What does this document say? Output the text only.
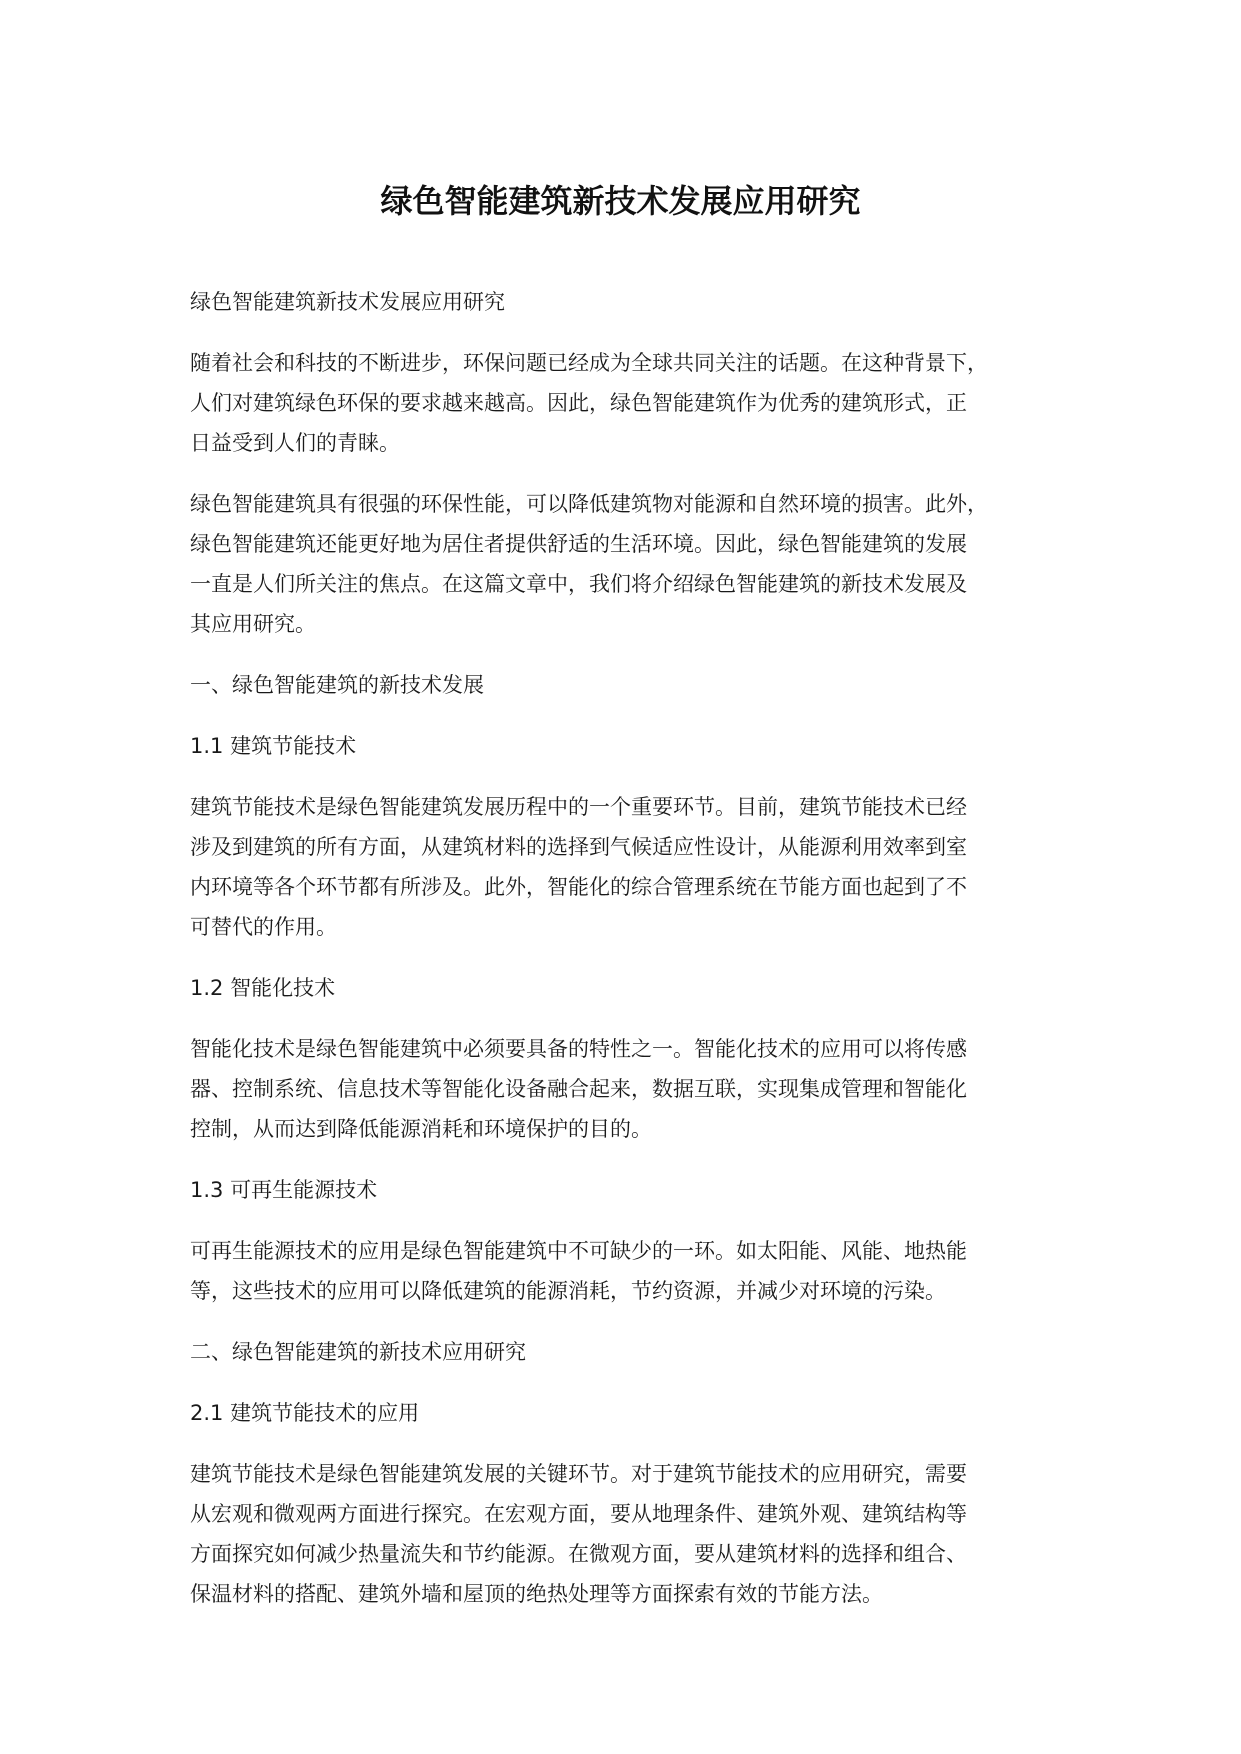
绿色智能建筑新技术发展应用研究

绿色智能建筑新技术发展应用研究

随着社会和科技的不断进步，环保问题已经成为全球共同关注的话题。在这种背景下，
人们对建筑绿色环保的要求越来越高。因此，绿色智能建筑作为优秀的建筑形式，正
日益受到人们的青睐。

绿色智能建筑具有很强的环保性能，可以降低建筑物对能源和自然环境的损害。此外，
绿色智能建筑还能更好地为居住者提供舒适的生活环境。因此，绿色智能建筑的发展
一直是人们所关注的焦点。在这篇文章中，我们将介绍绿色智能建筑的新技术发展及
其应用研究。

一、绿色智能建筑的新技术发展

1.1 建筑节能技术

建筑节能技术是绿色智能建筑发展历程中的一个重要环节。目前，建筑节能技术已经
涉及到建筑的所有方面，从建筑材料的选择到气候适应性设计，从能源利用效率到室
内环境等各个环节都有所涉及。此外，智能化的综合管理系统在节能方面也起到了不
可替代的作用。

1.2 智能化技术

智能化技术是绿色智能建筑中必须要具备的特性之一。智能化技术的应用可以将传感
器、控制系统、信息技术等智能化设备融合起来，数据互联，实现集成管理和智能化
控制，从而达到降低能源消耗和环境保护的目的。

1.3 可再生能源技术

可再生能源技术的应用是绿色智能建筑中不可缺少的一环。如太阳能、风能、地热能
等，这些技术的应用可以降低建筑的能源消耗，节约资源，并减少对环境的污染。

二、绿色智能建筑的新技术应用研究

2.1 建筑节能技术的应用

建筑节能技术是绿色智能建筑发展的关键环节。对于建筑节能技术的应用研究，需要
从宏观和微观两方面进行探究。在宏观方面，要从地理条件、建筑外观、建筑结构等
方面探究如何减少热量流失和节约能源。在微观方面，要从建筑材料的选择和组合、
保温材料的搭配、建筑外墙和屋顶的绝热处理等方面探索有效的节能方法。
